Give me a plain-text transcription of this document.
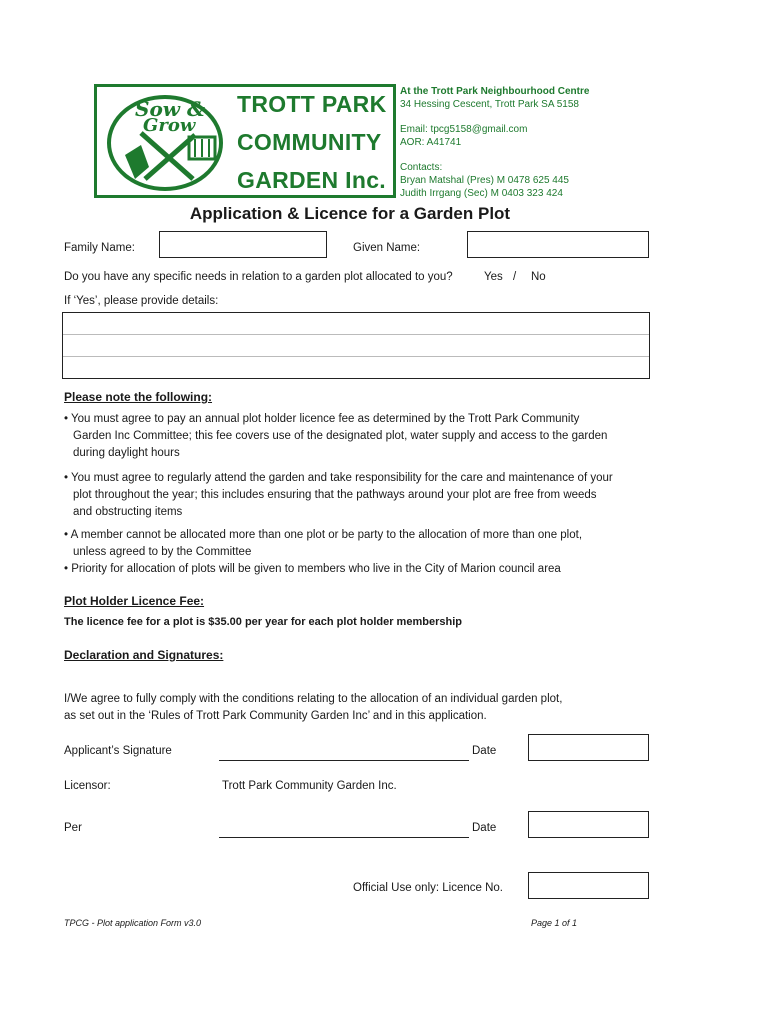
Sow &
Grow
TROTT PARK
COMMUNITY
GARDEN Inc.
At the Trott Park Neighbourhood Centre
34 Hessing Cescent, Trott Park SA 5158
Email: tpcg5158@gmail.com
AOR: A41741
Contacts:
Bryan Matshal (Pres) M 0478 625 445
Judith Irrgang (Sec) M 0403 323 424
Application & Licence for a Garden Plot
Family Name:	Given Name:
Do you have any specific needs in relation to a garden plot allocated to you?	Yes / No
If ‘Yes’, please provide details:
Please note the following:
• You must agree to pay an annual plot holder licence fee as determined by the Trott Park Community Garden Inc Committee; this fee covers use of the designated plot, water supply and access to the garden during daylight hours
• You must agree to regularly attend the garden and take responsibility for the care and maintenance of your plot throughout the year; this includes ensuring that the pathways around your plot are free from weeds and obstructing items
• A member cannot be allocated more than one plot or be party to the allocation of more than one plot, unless agreed to by the Committee
• Priority for allocation of plots will be given to members who live in the City of Marion council area
Plot Holder Licence Fee:
The licence fee for a plot is $35.00 per year for each plot holder membership
Declaration and Signatures:
I/We agree to fully comply with the conditions relating to the allocation of an individual garden plot, as set out in the ‘Rules of Trott Park Community Garden Inc’ and in this application.
Applicant’s Signature	Date
Licensor:	Trott Park Community Garden Inc.
Per	Date
Official Use only: Licence No.
TPCG - Plot application Form v3.0	Page 1 of 1
